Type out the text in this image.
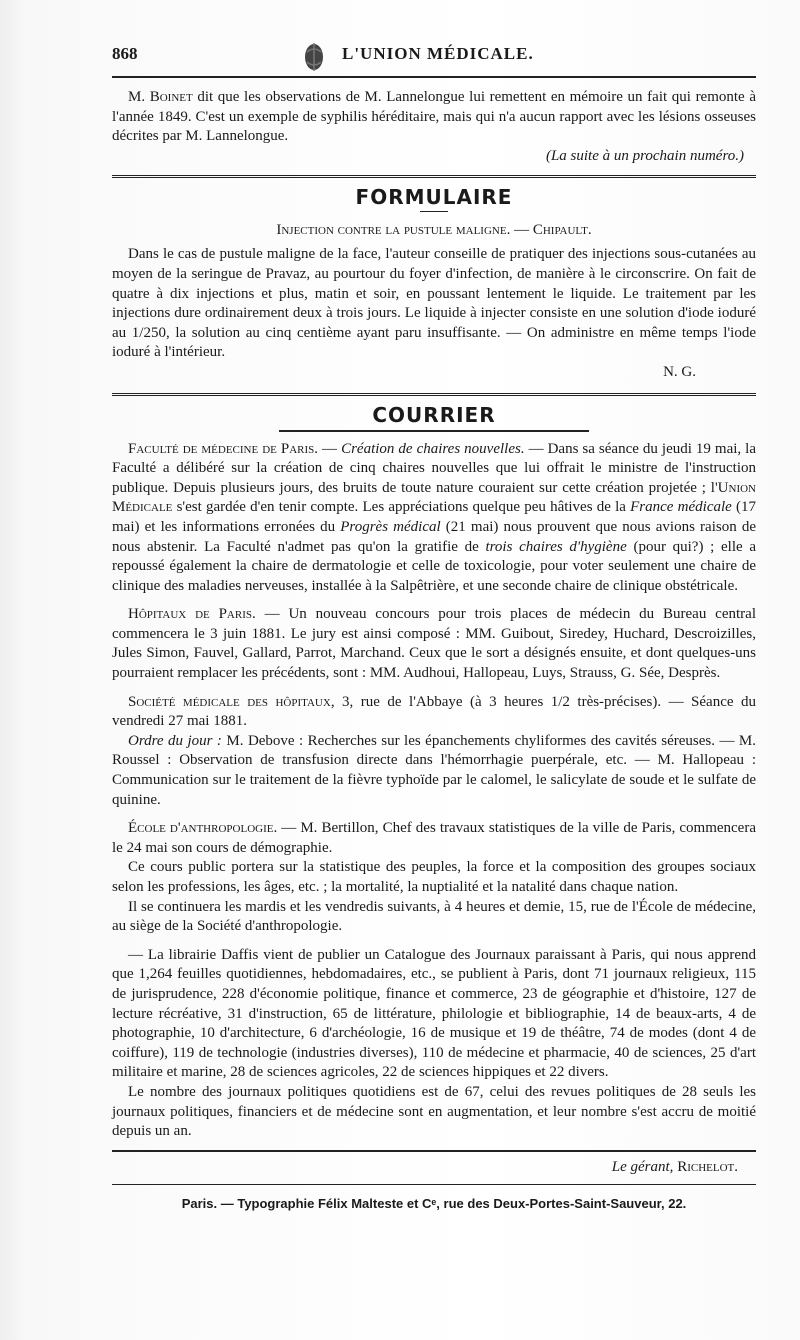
868	L'UNION MÉDICALE.

M. Boinet dit que les observations de M. Lannelongue lui remettent en mémoire un fait qui remonte à l'année 1849. C'est un exemple de syphilis héréditaire, mais qui n'a aucun rapport avec les lésions osseuses décrites par M. Lannelongue.

(La suite à un prochain numéro.)

FORMULAIRE
Injection contre la pustule maligne. — Chipault.

Dans le cas de pustule maligne de la face, l'auteur conseille de pratiquer des injections sous-cutanées au moyen de la seringue de Pravaz, au pourtour du foyer d'infection, de manière à le circonscrire. On fait de quatre à dix injections et plus, matin et soir, en poussant lentement le liquide. Le traitement par les injections dure ordinairement deux à trois jours. Le liquide à injecter consiste en une solution d'iode ioduré au 1/250, la solution au cinq centième ayant paru insuffisante. — On administre en même temps l'iode ioduré à l'intérieur.

N. G.

COURRIER

Faculté de médecine de Paris. — Création de chaires nouvelles. — Dans sa séance du jeudi 19 mai, la Faculté a délibéré sur la création de cinq chaires nouvelles que lui offrait le ministre de l'instruction publique. Depuis plusieurs jours, des bruits de toute nature couraient sur cette création projetée ; l'Union Médicale s'est gardée d'en tenir compte. Les appréciations quelque peu hâtives de la France médicale (17 mai) et les informations erronées du Progrès médical (21 mai) nous prouvent que nous avions raison de nous abstenir. La Faculté n'admet pas qu'on la gratifie de trois chaires d'hygiène (pour qui?) ; elle a repoussé également la chaire de dermatologie et celle de toxicologie, pour voter seulement une chaire de clinique des maladies nerveuses, installée à la Salpêtrière, et une seconde chaire de clinique obstétricale.

Hôpitaux de Paris. — Un nouveau concours pour trois places de médecin du Bureau central commencera le 3 juin 1881. Le jury est ainsi composé : MM. Guibout, Siredey, Huchard, Descroizilles, Jules Simon, Fauvel, Gallard, Parrot, Marchand. Ceux que le sort a désignés ensuite, et dont quelques-uns pourraient remplacer les précédents, sont : MM. Audhoui, Hallopeau, Luys, Strauss, G. Sée, Desprès.

Société médicale des hôpitaux, 3, rue de l'Abbaye (à 3 heures 1/2 très-précises). — Séance du vendredi 27 mai 1881.

Ordre du jour : M. Debove : Recherches sur les épanchements chyliformes des cavités séreuses. — M. Roussel : Observation de transfusion directe dans l'hémorrhagie puerpérale, etc. — M. Hallopeau : Communication sur le traitement de la fièvre typhoïde par le calomel, le salicylate de soude et le sulfate de quinine.

École d'anthropologie. — M. Bertillon, Chef des travaux statistiques de la ville de Paris, commencera le 24 mai son cours de démographie.

Ce cours public portera sur la statistique des peuples, la force et la composition des groupes sociaux selon les professions, les âges, etc. ; la mortalité, la nuptialité et la natalité dans chaque nation.

Il se continuera les mardis et les vendredis suivants, à 4 heures et demie, 15, rue de l'École de médecine, au siège de la Société d'anthropologie.

— La librairie Daffis vient de publier un Catalogue des Journaux paraissant à Paris, qui nous apprend que 1,264 feuilles quotidiennes, hebdomadaires, etc., se publient à Paris, dont 71 journaux religieux, 115 de jurisprudence, 228 d'économie politique, finance et commerce, 23 de géographie et d'histoire, 127 de lecture récréative, 31 d'instruction, 65 de littérature, philologie et bibliographie, 14 de beaux-arts, 4 de photographie, 10 d'architecture, 6 d'archéologie, 16 de musique et 19 de théâtre, 74 de modes (dont 4 de coiffure), 119 de technologie (industries diverses), 110 de médecine et pharmacie, 40 de sciences, 25 d'art militaire et marine, 28 de sciences agricoles, 22 de sciences hippiques et 22 divers.

Le nombre des journaux politiques quotidiens est de 67, celui des revues politiques de 28 seuls les journaux politiques, financiers et de médecine sont en augmentation, et leur nombre s'est accru de moitié depuis un an.

Le gérant, Richelot.
Paris. — Typographie Félix Malteste et Cᵉ, rue des Deux-Portes-Saint-Sauveur, 22.
